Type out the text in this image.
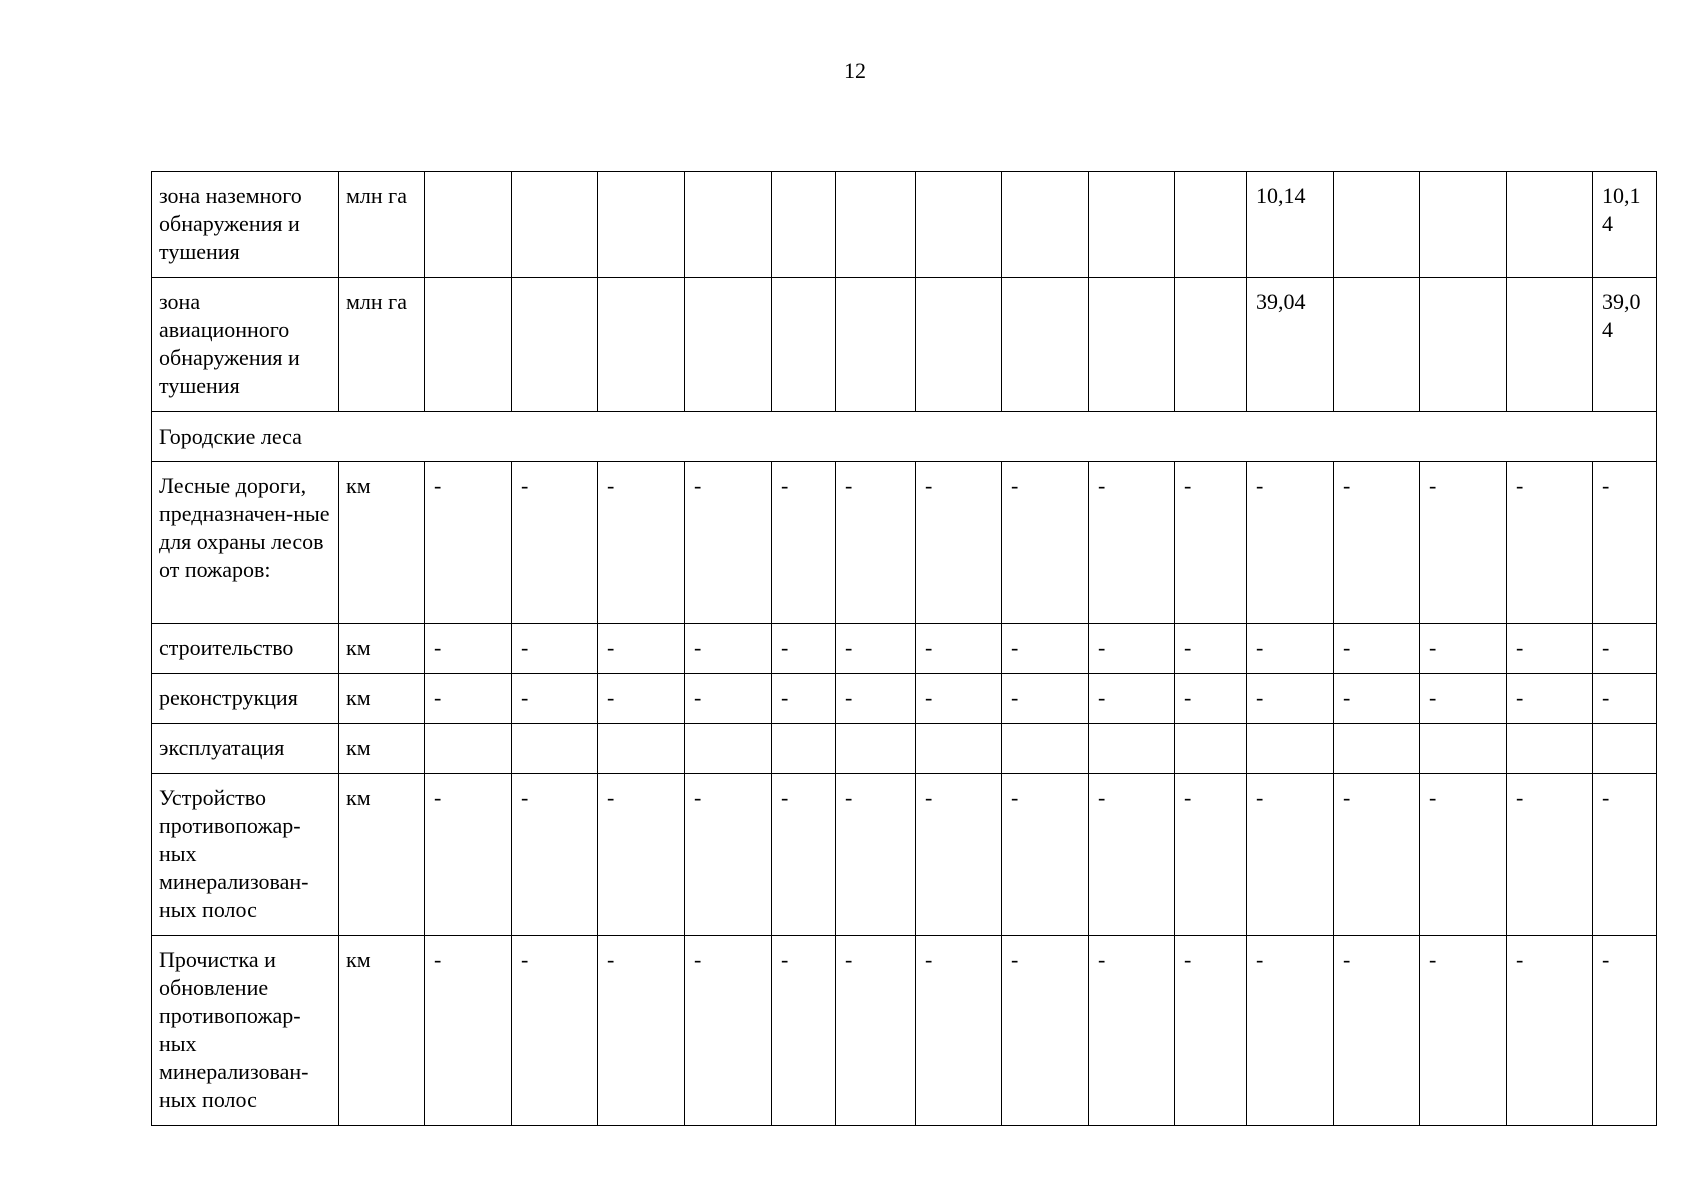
12
зона наземного обнаружения и тушения	млн га											10,14				10,1 4
зона авиационного обнаружения и тушения	млн га											39,04				39,0 4
Городские леса																
Лесные дороги, предназначен-ные для охраны лесов от пожаров:	км	-	-	-	-	-	-	-	-	-	-	-	-	-	-	-
строительство	км	-	-	-	-	-	-	-	-	-	-	-	-	-	-	-
реконструкция	км	-	-	-	-	-	-	-	-	-	-	-	-	-	-	-
эксплуатация	км															
Устройство противопожар-ных минерализован-ных полос	км	-	-	-	-	-	-	-	-	-	-	-	-	-	-	-
Прочистка и обновление противопожар-ных минерализован-ных полос	км	-	-	-	-	-	-	-	-	-	-	-	-	-	-	-
